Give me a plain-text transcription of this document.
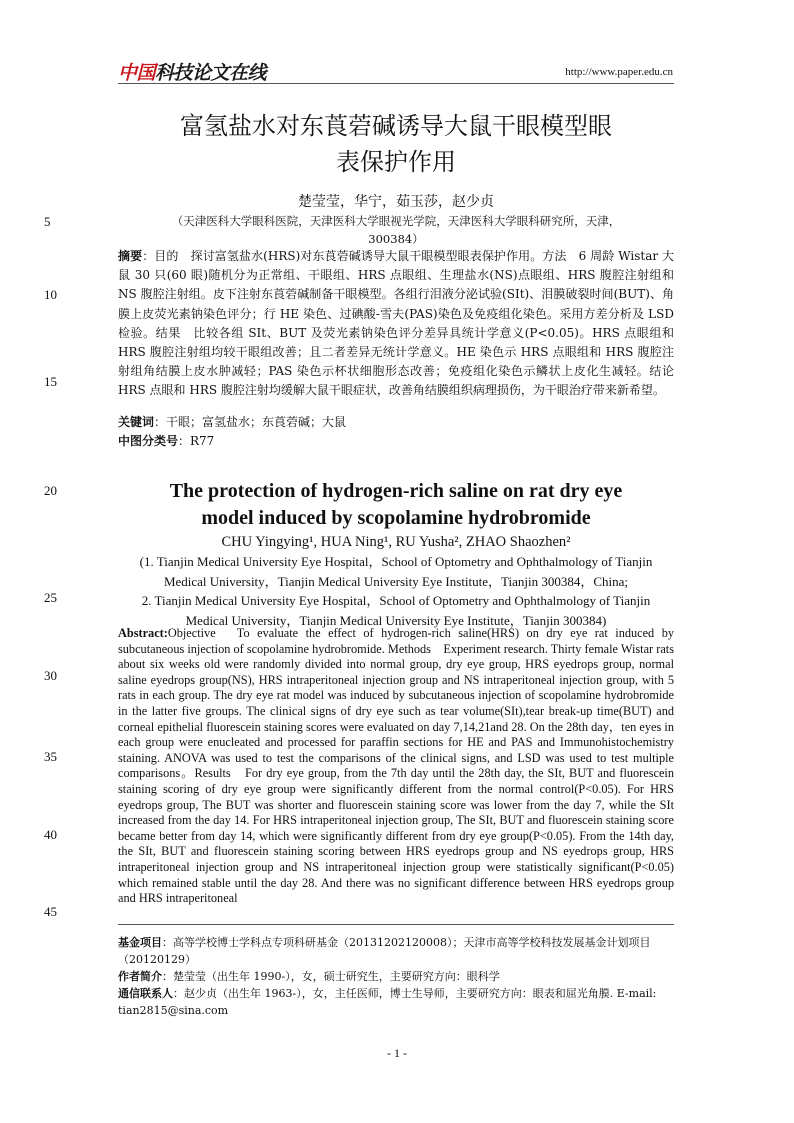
中国科技论文在线	http://www.paper.edu.cn
富氢盐水对东莨菪碱诱导大鼠干眼模型眼
表保护作用
楚莹莹，华宁，茹玉莎，赵少贞
（天津医科大学眼科医院，天津医科大学眼视光学院，天津医科大学眼科研究所，天津，
300384）
5
10
15
20
25
30
35
40
45
摘要：目的　探讨富氢盐水(HRS)对东莨菪碱诱导大鼠干眼模型眼表保护作用。方法　6 周龄 Wistar 大鼠 30 只(60 眼)随机分为正常组、干眼组、HRS 点眼组、生理盐水(NS)点眼组、HRS 腹腔注射组和 NS 腹腔注射组。皮下注射东莨菪碱制备干眼模型。各组行泪液分泌试验(SIt)、泪膜破裂时间(BUT)、角膜上皮荧光素钠染色评分；行 HE 染色、过碘酸-雪夫(PAS)染色及免疫组化染色。采用方差分析及 LSD 检验。结果　比较各组 SIt、BUT 及荧光素钠染色评分差异具统计学意义(P<0.05)。HRS 点眼组和 HRS 腹腔注射组均较干眼组改善；且二者差异无统计学意义。HE 染色示 HRS 点眼组和 HRS 腹腔注射组角结膜上皮水肿减轻；PAS 染色示杯状细胞形态改善；免疫组化染色示鳞状上皮化生减轻。结论 HRS 点眼和 HRS 腹腔注射均缓解大鼠干眼症状，改善角结膜组织病理损伤，为干眼治疗带来新希望。
关键词：干眼；富氢盐水；东莨菪碱；大鼠
中图分类号：R77
The protection of hydrogen-rich saline on rat dry eye
model induced by scopolamine hydrobromide
CHU Yingying¹, HUA Ning¹, RU Yusha², ZHAO Shaozhen²
(1. Tianjin Medical University Eye Hospital，School of Optometry and Ophthalmology of Tianjin
Medical University，Tianjin Medical University Eye Institute，Tianjin 300384，China;
2. Tianjin Medical University Eye Hospital，School of Optometry and Ophthalmology of Tianjin
Medical University，Tianjin Medical University Eye Institute，Tianjin 300384)
Abstract:Objective　To evaluate the effect of hydrogen-rich saline(HRS) on dry eye rat induced by subcutaneous injection of scopolamine hydrobromide. Methods　Experiment research. Thirty female Wistar rats about six weeks old were randomly divided into normal group, dry eye group, HRS eyedrops group, normal saline eyedrops group(NS), HRS intraperitoneal injection group and NS intraperitoneal injection group, with 5 rats in each group. The dry eye rat model was induced by subcutaneous injection of scopolamine hydrobromide in the latter five groups. The clinical signs of dry eye such as tear volume(SIt),tear break-up time(BUT) and corneal epithelial fluorescein staining scores were evaluated on day 7,14,21and 28. On the 28th day，ten eyes in each group were enucleated and processed for paraffin sections for HE and PAS and Immunohistochemistry staining. ANOVA was used to test the comparisons of the clinical signs, and LSD was used to test multiple comparisons。Results　For dry eye group, from the 7th day until the 28th day, the SIt, BUT and fluorescein staining scoring of dry eye group were significantly different from the normal control(P<0.05). For HRS eyedrops group, The BUT was shorter and fluorescein staining score was lower from the day 7, while the SIt increased from the day 14. For HRS intraperitoneal injection group, The SIt, BUT and fluorescein staining score became better from day 14, which were significantly different from dry eye group(P<0.05). From the 14th day, the SIt, BUT and fluorescein staining scoring between HRS eyedrops group and NS eyedrops group, HRS intraperitoneal injection group and NS intraperitoneal injection group were statistically significant(P<0.05) which remained stable until the day 28. And there was no significant difference between HRS eyedrops group and HRS intraperitoneal
基金项目：高等学校博士学科点专项科研基金（20131202120008）；天津市高等学校科技发展基金计划项目（20120129）
作者简介：楚莹莹（出生年 1990-），女，硕士研究生，主要研究方向：眼科学
通信联系人：赵少贞（出生年 1963-），女，主任医师，博士生导师，主要研究方向：眼表和屈光角膜. E-mail: tian2815@sina.com
- 1 -
